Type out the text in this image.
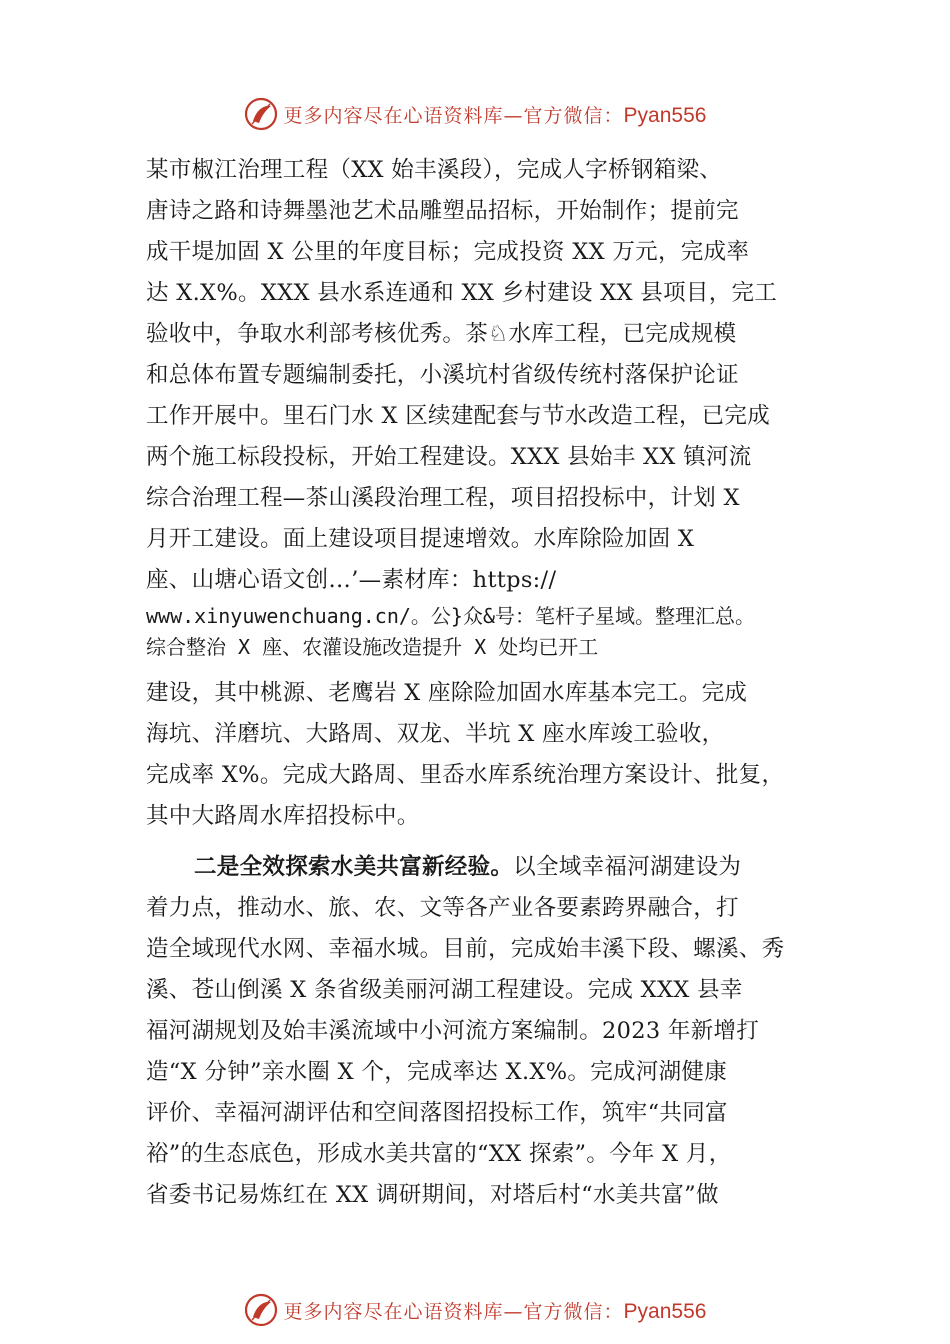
更多内容尽在心语资料库—官方微信：Pyan556
某市椒江治理工程（XX 始丰溪段），完成人字桥钢箱梁、
唐诗之路和诗舞墨池艺术品雕塑品招标，开始制作；提前完
成干堤加固 X 公里的年度目标；完成投资 XX 万元，完成率
达 X.X%。XXX 县水系连通和 XX 乡村建设 XX 县项目，完工
验收中，争取水利部考核优秀。茶♘水库工程，已完成规模
和总体布置专题编制委托，小溪坑村省级传统村落保护论证
工作开展中。里石门水 X 区续建配套与节水改造工程，已完成
两个施工标段投标，开始工程建设。XXX 县始丰 XX 镇河流
综合治理工程—茶山溪段治理工程，项目招投标中，计划 X
月开工建设。面上建设项目提速增效。水库除险加固 X
座、山塘心语文创…’—素材库：https://
www.xinyuwenchuang.cn/。公}众&号：笔杆子星域。整理汇总。
综合整治 X 座、农灌设施改造提升 X 处均已开工
建设，其中桃源、老鹰岩 X 座除险加固水库基本完工。完成
海坑、洋磨坑、大路周、双龙、半坑 X 座水库竣工验收，
完成率 X%。完成大路周、里岙水库系统治理方案设计、批复，
其中大路周水库招投标中。
二是全效探索水美共富新经验。以全域幸福河湖建设为
着力点，推动水、旅、农、文等各产业各要素跨界融合，打
造全域现代水网、幸福水城。目前，完成始丰溪下段、螺溪、秀
溪、苍山倒溪 X 条省级美丽河湖工程建设。完成 XXX 县幸
福河湖规划及始丰溪流域中小河流方案编制。2023 年新增打
造“X 分钟”亲水圈 X 个，完成率达 X.X%。完成河湖健康
评价、幸福河湖评估和空间落图招投标工作，筑牢“共同富
裕”的生态底色，形成水美共富的“XX 探索”。今年 X 月，
省委书记易炼红在 XX 调研期间，对塔后村“水美共富”做
更多内容尽在心语资料库—官方微信：Pyan556
